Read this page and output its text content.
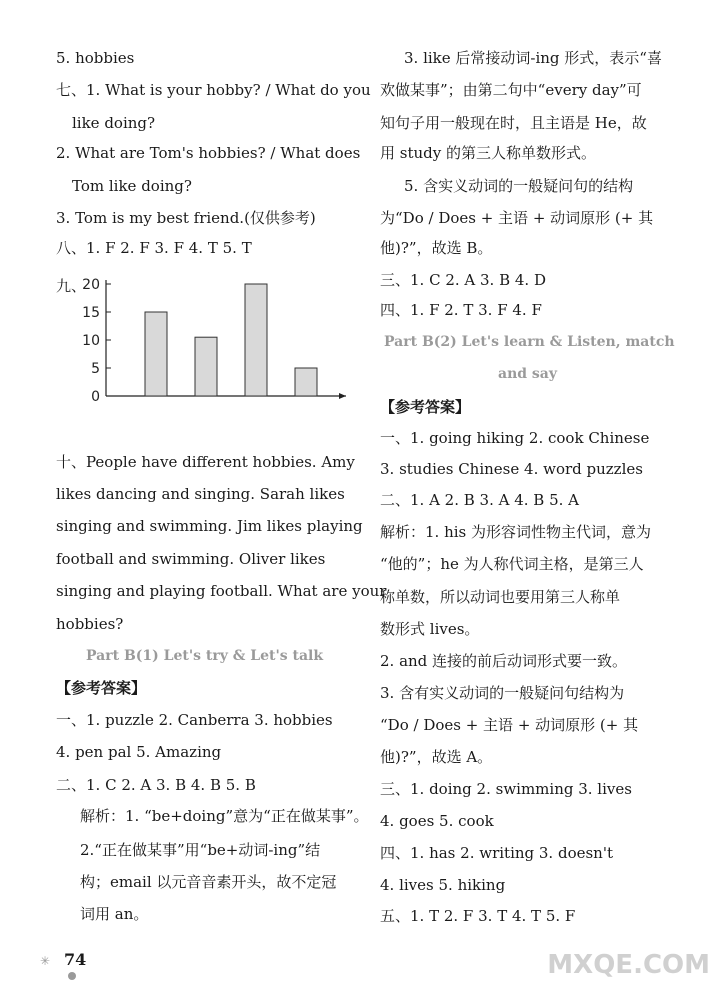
5. hobbies
七、1. What is your hobby? / What do you
like doing?
2. What are Tom's hobbies? / What does
Tom like doing?
3. Tom is my best friend.(仅供参考)
八、1. F 2. F 3. F 4. T 5. T
九、
0
5
10
15
20
十、People have different hobbies. Amy
likes dancing and singing. Sarah likes
singing and swimming. Jim likes playing
football and swimming. Oliver likes
singing and playing football. What are your
hobbies?
Part B(1) Let's try & Let's talk
【参考答案】
一、1. puzzle 2. Canberra 3. hobbies
4. pen pal 5. Amazing
二、1. C 2. A 3. B 4. B 5. B
解析：1. “be+doing”意为“正在做某事”。
2.“正在做某事”用“be+动词-ing”结
构；email 以元音音素开头，故不定冠
词用 an。
3. like 后常接动词-ing 形式，表示“喜
欢做某事”；由第二句中“every day”可
知句子用一般现在时，且主语是 He，故
用 study 的第三人称单数形式。
5. 含实义动词的一般疑问句的结构
为“Do / Does + 主语 + 动词原形 (+ 其
他)?”，故选 B。
三、1. C 2. A 3. B 4. D
四、1. F 2. T 3. F 4. F
Part B(2) Let's learn & Listen, match
and say
【参考答案】
一、1. going hiking 2. cook Chinese
3. studies Chinese 4. word puzzles
二、1. A 2. B 3. A 4. B 5. A
解析：1. his 为形容词性物主代词，意为
“他的”；he 为人称代词主格，是第三人
称单数，所以动词也要用第三人称单
数形式 lives。
2. and 连接的前后动词形式要一致。
3. 含有实义动词的一般疑问句结构为
“Do / Does + 主语 + 动词原形 (+ 其
他)?”，故选 A。
三、1. doing 2. swimming 3. lives
4. goes 5. cook
四、1. has 2. writing 3. doesn't
4. lives 5. hiking
五、1. T 2. F 3. T 4. T 5. F
✳ 74	MXQE.COM
